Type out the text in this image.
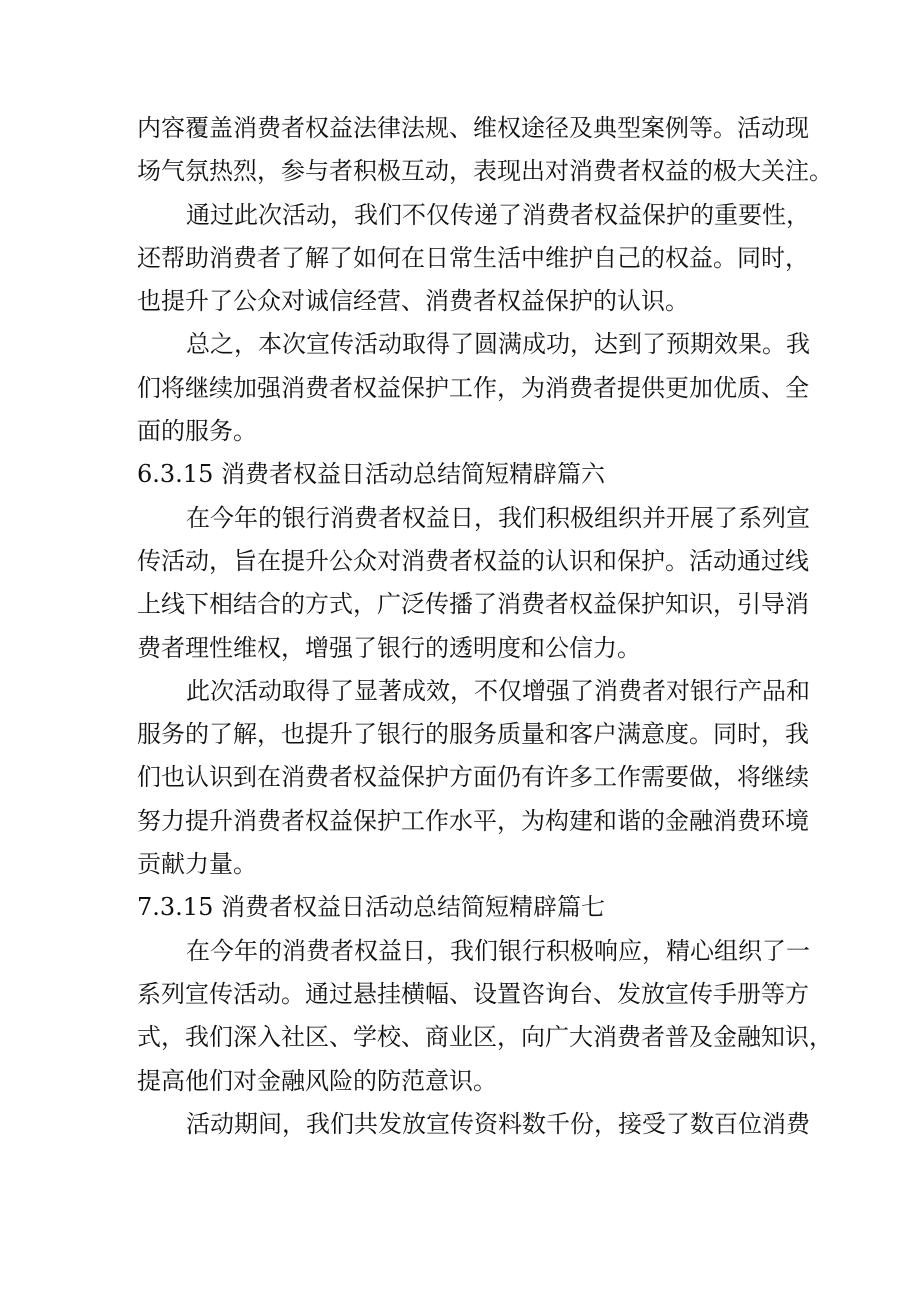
内容覆盖消费者权益法律法规、维权途径及典型案例等。活动现
场气氛热烈，参与者积极互动，表现出对消费者权益的极大关注。
通过此次活动，我们不仅传递了消费者权益保护的重要性，
还帮助消费者了解了如何在日常生活中维护自己的权益。同时，
也提升了公众对诚信经营、消费者权益保护的认识。
总之，本次宣传活动取得了圆满成功，达到了预期效果。我
们将继续加强消费者权益保护工作，为消费者提供更加优质、全
面的服务。
6.3.15 消费者权益日活动总结简短精辟篇六
在今年的银行消费者权益日，我们积极组织并开展了系列宣
传活动，旨在提升公众对消费者权益的认识和保护。活动通过线
上线下相结合的方式，广泛传播了消费者权益保护知识，引导消
费者理性维权，增强了银行的透明度和公信力。
此次活动取得了显著成效，不仅增强了消费者对银行产品和
服务的了解，也提升了银行的服务质量和客户满意度。同时，我
们也认识到在消费者权益保护方面仍有许多工作需要做，将继续
努力提升消费者权益保护工作水平，为构建和谐的金融消费环境
贡献力量。
7.3.15 消费者权益日活动总结简短精辟篇七
在今年的消费者权益日，我们银行积极响应，精心组织了一
系列宣传活动。通过悬挂横幅、设置咨询台、发放宣传手册等方
式，我们深入社区、学校、商业区，向广大消费者普及金融知识，
提高他们对金融风险的防范意识。
活动期间，我们共发放宣传资料数千份，接受了数百位消费
